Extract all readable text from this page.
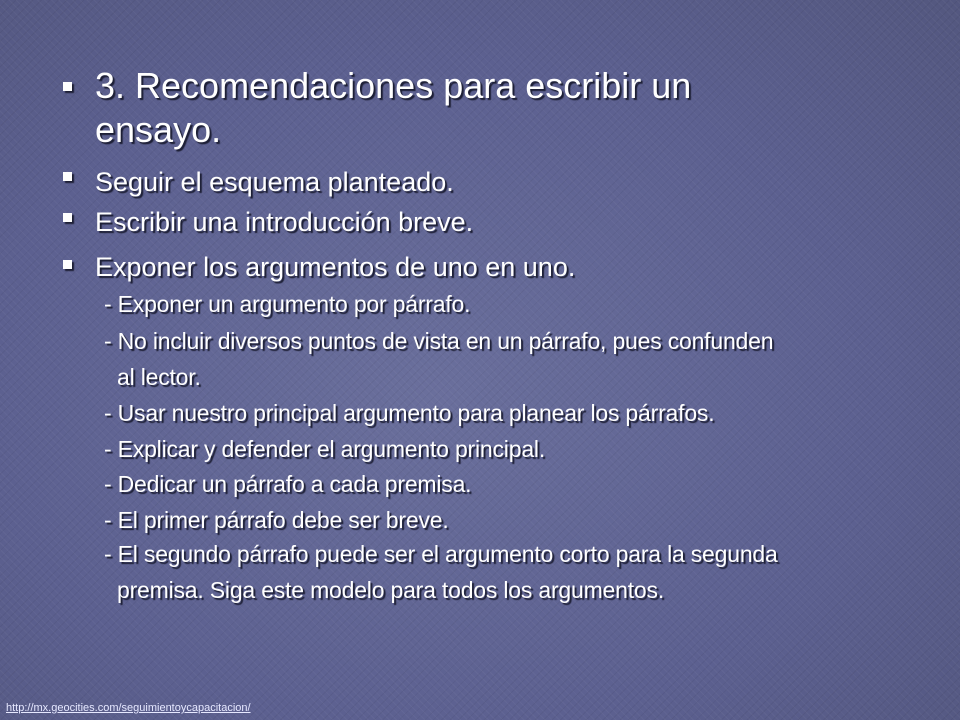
3. Recomendaciones para escribir un
ensayo.
Seguir el esquema planteado.
Escribir una introducción breve.
Exponer los argumentos de uno en uno.
- Exponer un argumento por párrafo.
- No incluir diversos puntos de vista en un párrafo, pues confunden
al lector.
- Usar nuestro principal argumento para planear los párrafos.
- Explicar y defender el argumento principal.
- Dedicar un párrafo a cada premisa.
- El primer párrafo debe ser breve.
- El segundo párrafo puede ser el argumento corto para la segunda
premisa. Siga este modelo para todos los argumentos.
http://mx.geocities.com/seguimientoycapacitacion/
